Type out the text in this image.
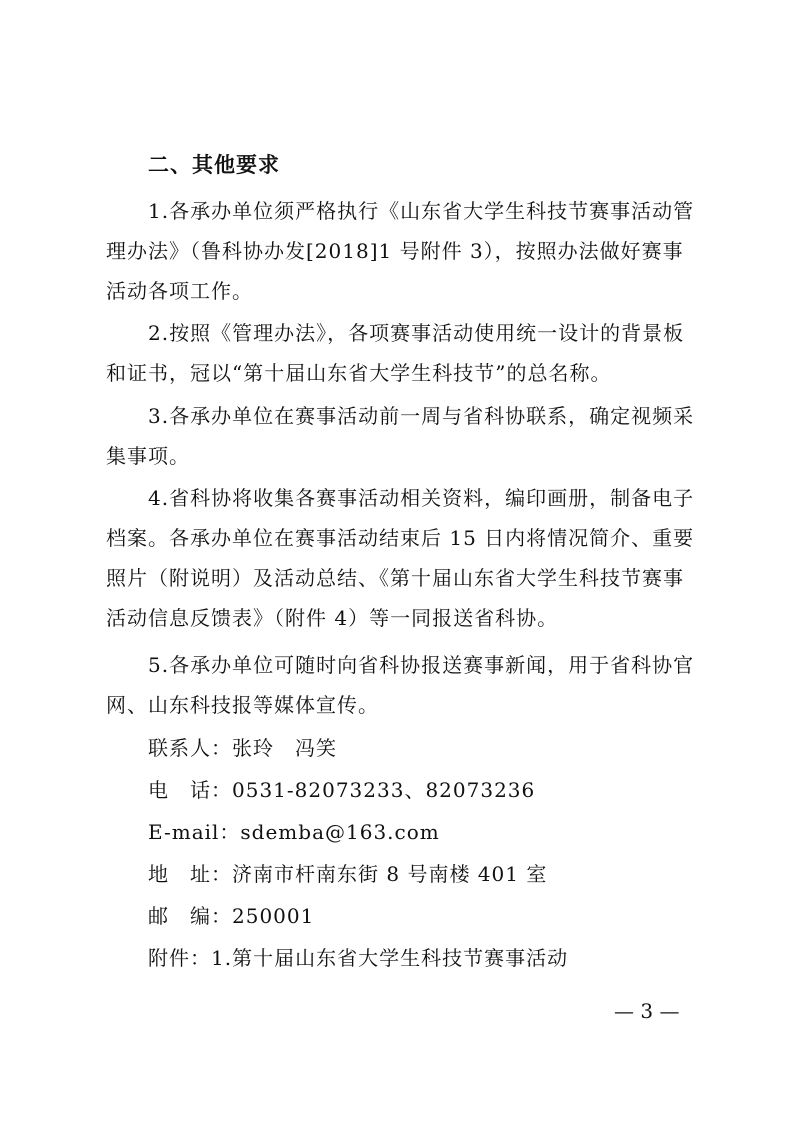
二、其他要求
1.各承办单位须严格执行《山东省大学生科技节赛事活动管
理办法》（鲁科协办发[2018]1 号附件 3），按照办法做好赛事
活动各项工作。
2.按照《管理办法》，各项赛事活动使用统一设计的背景板
和证书，冠以“第十届山东省大学生科技节”的总名称。
3.各承办单位在赛事活动前一周与省科协联系，确定视频采
集事项。
4.省科协将收集各赛事活动相关资料，编印画册，制备电子
档案。各承办单位在赛事活动结束后 15 日内将情况简介、重要
照片（附说明）及活动总结、《第十届山东省大学生科技节赛事
活动信息反馈表》（附件 4）等一同报送省科协。
5.各承办单位可随时向省科协报送赛事新闻，用于省科协官
网、山东科技报等媒体宣传。
联系人：张玲　冯笑
电　话：0531-82073233、82073236
E-mail：sdemba@163.com
地　址：济南市杆南东街 8 号南楼 401 室
邮　编：250001
附件：1.第十届山东省大学生科技节赛事活动
— 3 —
